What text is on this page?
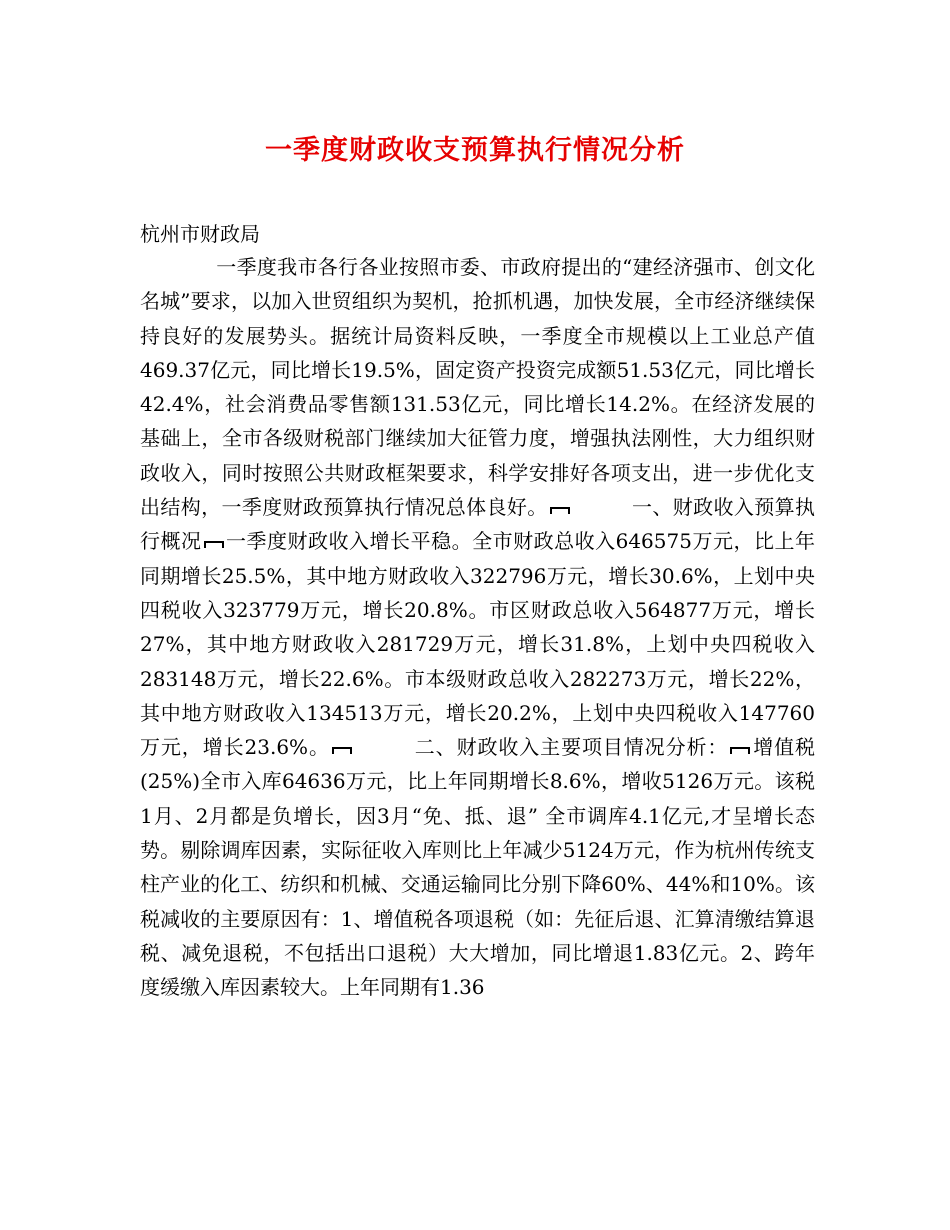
一季度财政收支预算执行情况分析

杭州市财政局

一季度我市各行各业按照市委、市政府提出的“建经济强市、创文化名城”要求，以加入世贸组织为契机，抢抓机遇，加快发展，全市经济继续保持良好的发展势头。据统计局资料反映，一季度全市规模以上工业总产值469.37亿元，同比增长19.5%，固定资产投资完成额51.53亿元，同比增长42.4%，社会消费品零售额131.53亿元，同比增长14.2%。在经济发展的基础上，全市各级财税部门继续加大征管力度，增强执法刚性，大力组织财政收入，同时按照公共财政框架要求，科学安排好各项支出，进一步优化支出结构，一季度财政预算执行情况总体良好。	一、财政收入预算执行概况 一季度财政收入增长平稳。全市财政总收入646575万元，比上年同期增长25.5%，其中地方财政收入322796万元，增长30.6%，上划中央四税收入323779万元，增长20.8%。市区财政总收入564877万元，增长27%，其中地方财政收入281729万元，增长31.8%，上划中央四税收入283148万元，增长22.6%。市本级财政总收入282273万元，增长22%，其中地方财政收入134513万元，增长20.2%，上划中央四税收入147760万元，增长23.6%。	二、财政收入主要项目情况分析： 增值税(25%)全市入库64636万元，比上年同期增长8.6%，增收5126万元。该税1月、2月都是负增长，因3月“免、抵、退” 全市调库4.1亿元,才呈增长态势。剔除调库因素，实际征收入库则比上年减少5124万元，作为杭州传统支柱产业的化工、纺织和机械、交通运输同比分别下降60%、44%和10%。该税减收的主要原因有：1、增值税各项退税（如：先征后退、汇算清缴结算退税、减免退税，不包括出口退税）大大增加，同比增退1.83亿元。2、跨年度缓缴入库因素较大。上年同期有1.36
